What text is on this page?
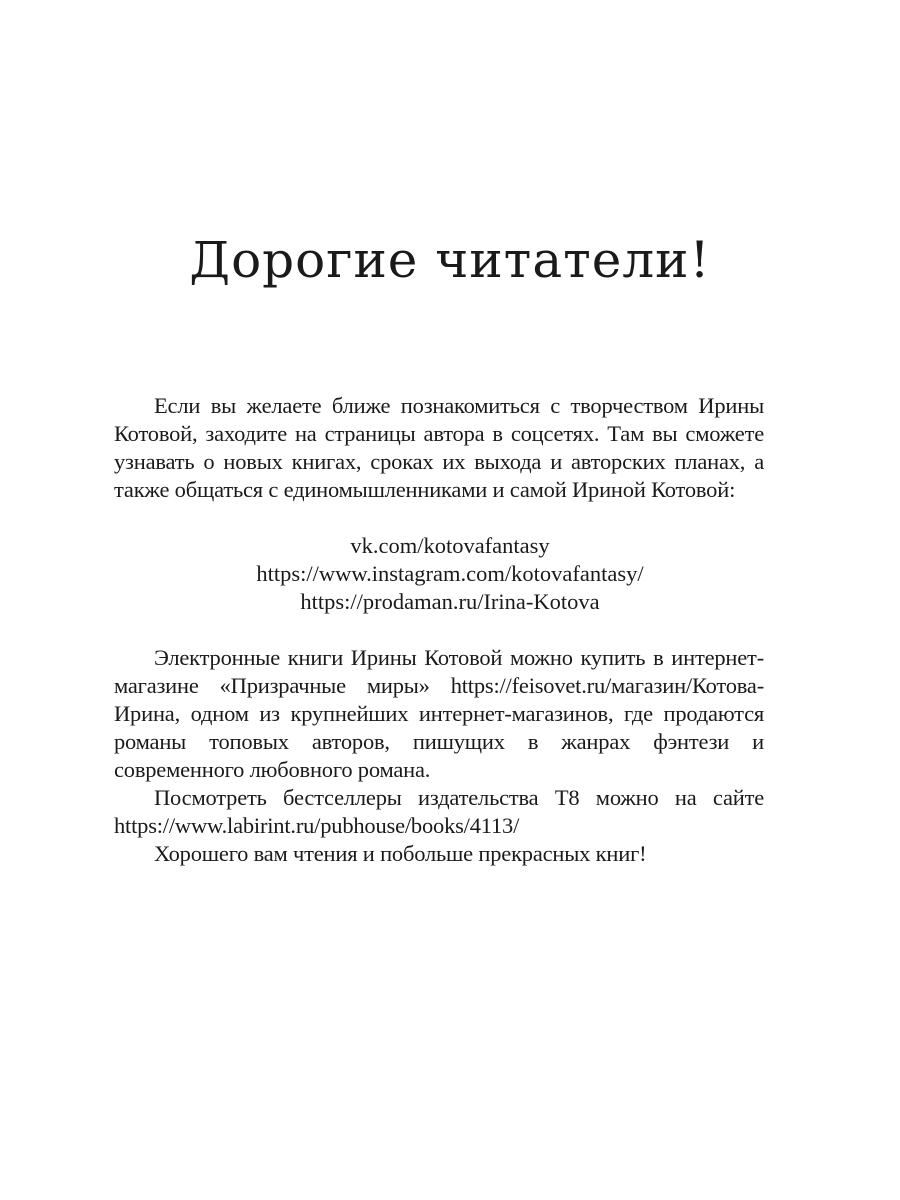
Дорогие читатели!

Если вы желаете ближе познакомиться с творчеством Ирины Котовой, заходите на страницы автора в соцсетях. Там вы сможете узнавать о новых книгах, сроках их выхода и авторских планах, а также общаться с единомышленниками и самой Ириной Котовой:

vk.com/kotovafantasy
https://www.instagram.com/kotovafantasy/
https://prodaman.ru/Irina-Kotova

Электронные книги Ирины Котовой можно купить в интернет-магазине «Призрачные миры» https://feisovet.ru/магазин/Котова-Ирина, одном из крупнейших интернет-магазинов, где продаются романы топовых авторов, пишущих в жанрах фэнтези и современного любовного романа.

Посмотреть бестселлеры издательства Т8 можно на сайте https://www.labirint.ru/pubhouse/books/4113/

Хорошего вам чтения и побольше прекрасных книг!
